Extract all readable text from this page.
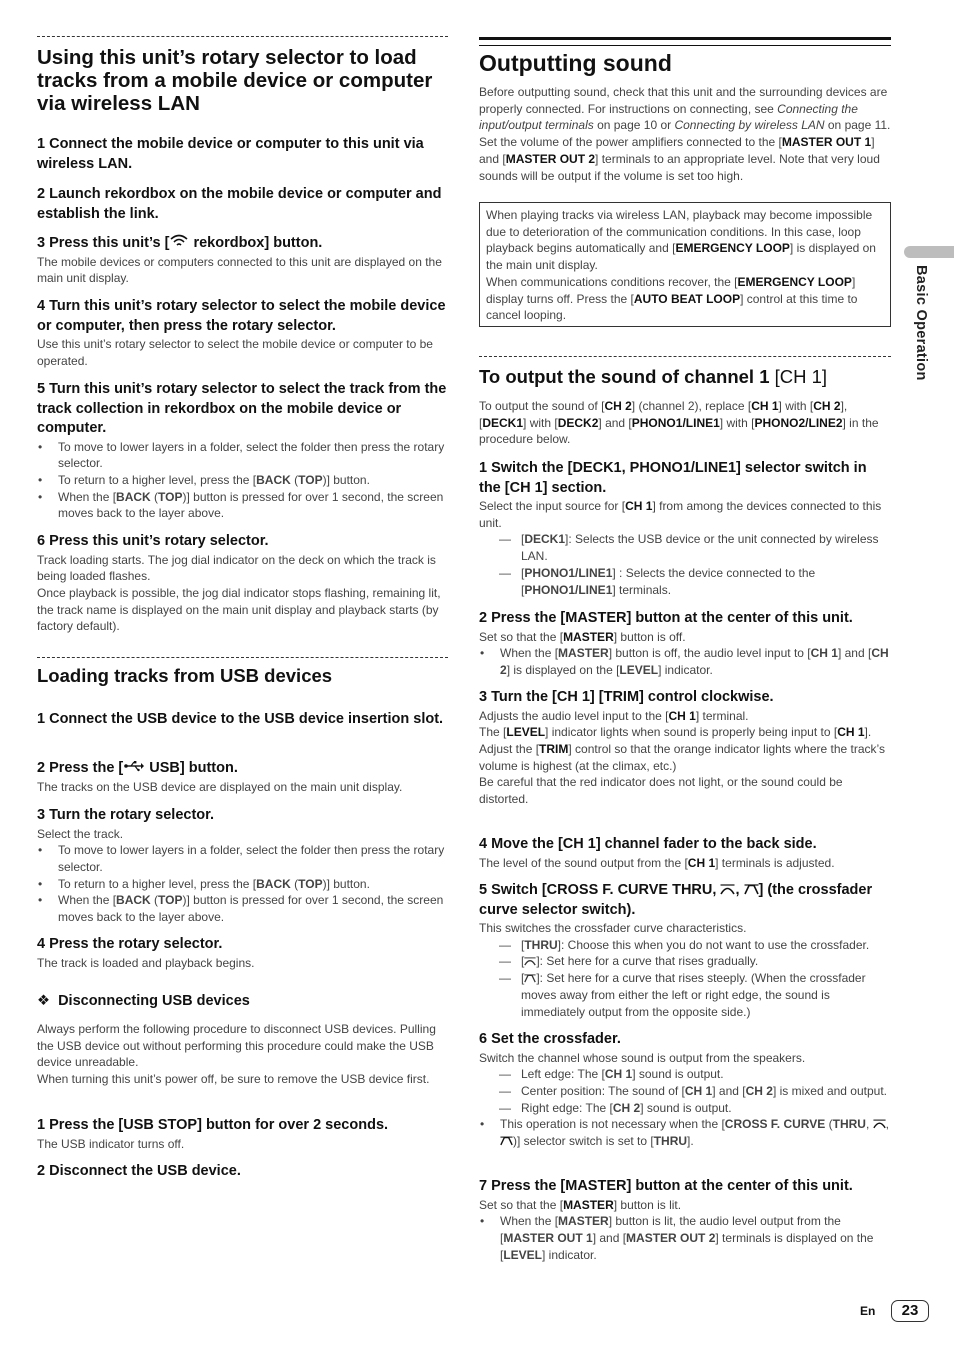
Using this unit’s rotary selector to load tracks from a mobile device or computer via wireless LAN

1 Connect the mobile device or computer to this unit via wireless LAN.

2 Launch rekordbox on the mobile device or computer and establish the link.

3 Press this unit’s [ rekordbox] button.

The mobile devices or computers connected to this unit are displayed on the main unit display.

4 Turn this unit’s rotary selector to select the mobile device or computer, then press the rotary selector.

Use this unit’s rotary selector to select the mobile device or computer to be operated.

5 Turn this unit’s rotary selector to select the track from the track collection in rekordbox on the mobile device or computer.

• To move to lower layers in a folder, select the folder then press the rotary selector.

• To return to a higher level, press the [BACK (TOP)] button.

• When the [BACK (TOP)] button is pressed for over 1 second, the screen moves back to the layer above.

6 Press this unit’s rotary selector.

Track loading starts. The jog dial indicator on the deck on which the track is being loaded flashes.

Once playback is possible, the jog dial indicator stops flashing, remaining lit, the track name is displayed on the main unit display and playback starts (by factory default).

Loading tracks from USB devices

1 Connect the USB device to the USB device insertion slot.

2 Press the [ USB] button.

The tracks on the USB device are displayed on the main unit display.

3 Turn the rotary selector.

Select the track.

• To move to lower layers in a folder, select the folder then press the rotary selector.

• To return to a higher level, press the [BACK (TOP)] button.

• When the [BACK (TOP)] button is pressed for over 1 second, the screen moves back to the layer above.

4 Press the rotary selector.

The track is loaded and playback begins.

❖ Disconnecting USB devices

Always perform the following procedure to disconnect USB devices. Pulling the USB device out without performing this procedure could make the USB device unreadable.

When turning this unit’s power off, be sure to remove the USB device first.

1 Press the [USB STOP] button for over 2 seconds.

The USB indicator turns off.

2 Disconnect the USB device.

Outputting sound

Before outputting sound, check that this unit and the surrounding devices are properly connected. For instructions on connecting, see Connecting the input/output terminals on page 10 or Connecting by wireless LAN on page 11.

Set the volume of the power amplifiers connected to the [MASTER OUT 1] and [MASTER OUT 2] terminals to an appropriate level. Note that very loud sounds will be output if the volume is set too high.

When playing tracks via wireless LAN, playback may become impossible due to deterioration of the communication conditions. In this case, loop playback begins automatically and [EMERGENCY LOOP] is displayed on the main unit display.
When communications conditions recover, the [EMERGENCY LOOP] display turns off. Press the [AUTO BEAT LOOP] control at this time to cancel looping.
To output the sound of channel 1 [CH 1]

To output the sound of [CH 2] (channel 2), replace [CH 1] with [CH 2], [DECK1] with [DECK2] and [PHONO1/LINE1] with [PHONO2/LINE2] in the procedure below.

1 Switch the [DECK1, PHONO1/LINE1] selector switch in the [CH 1] section.

Select the input source for [CH 1] from among the devices connected to this unit.

— [DECK1]: Selects the USB device or the unit connected by wireless LAN.

— [PHONO1/LINE1] : Selects the device connected to the [PHONO1/LINE1] terminals.

2 Press the [MASTER] button at the center of this unit.

Set so that the [MASTER] button is off.

• When the [MASTER] button is off, the audio level input to [CH 1] and [CH 2] is displayed on the [LEVEL] indicator.

3 Turn the [CH 1] [TRIM] control clockwise.

Adjusts the audio level input to the [CH 1] terminal.

The [LEVEL] indicator lights when sound is properly being input to [CH 1].

Adjust the [TRIM] control so that the orange indicator lights where the track’s volume is highest (at the climax, etc.)

Be careful that the red indicator does not light, or the sound could be distorted.

4 Move the [CH 1] channel fader to the back side.

The level of the sound output from the [CH 1] terminals is adjusted.

5 Switch [CROSS F. CURVE THRU, , ] (the crossfader curve selector switch).

This switches the crossfader curve characteristics.

— [THRU]: Choose this when you do not want to use the crossfader.

— [ ]: Set here for a curve that rises gradually.

— [ ]: Set here for a curve that rises steeply. (When the crossfader moves away from either the left or right edge, the sound is immediately output from the opposite side.)

6 Set the crossfader.

Switch the channel whose sound is output from the speakers.

— Left edge: The [CH 1] sound is output.

— Center position: The sound of [CH 1] and [CH 2] is mixed and output.

— Right edge: The [CH 2] sound is output.

• This operation is not necessary when the [CROSS F. CURVE (THRU, , )] selector switch is set to [THRU].

7 Press the [MASTER] button at the center of this unit.

Set so that the [MASTER] button is lit.

• When the [MASTER] button is lit, the audio level output from the [MASTER OUT 1] and [MASTER OUT 2] terminals is displayed on the [LEVEL] indicator.

Basic Operation
En	23
